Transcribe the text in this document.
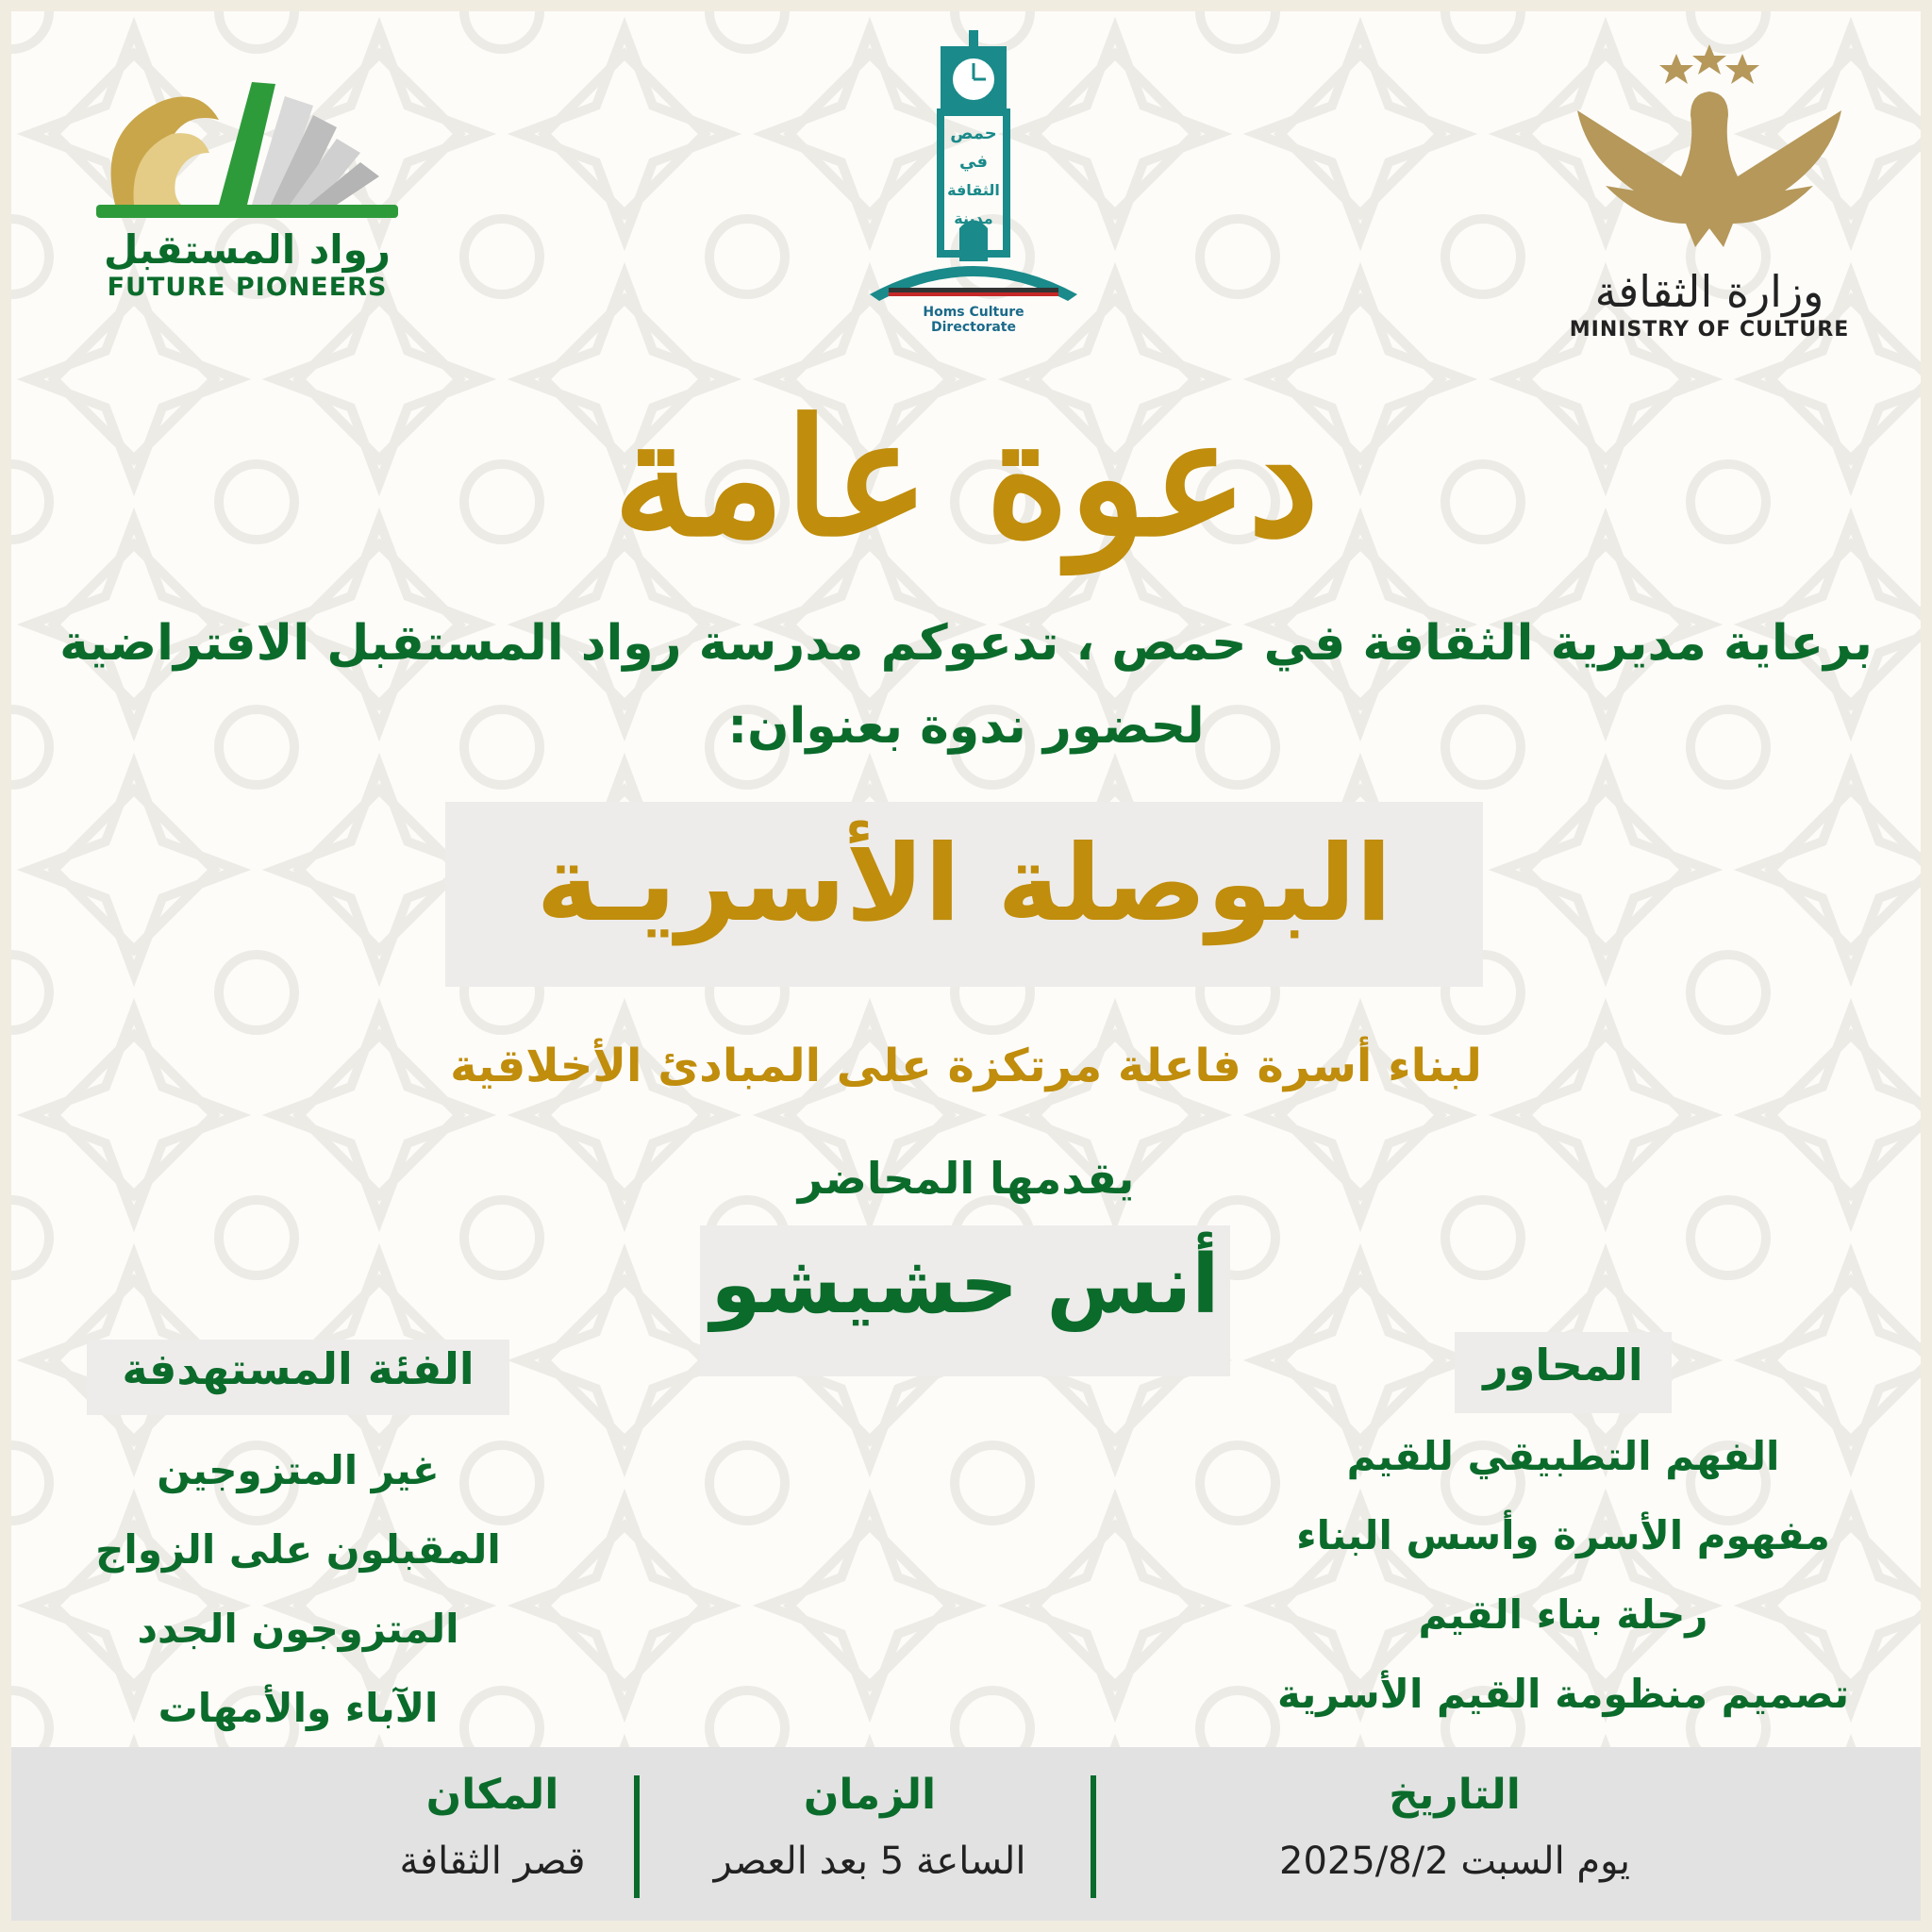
رواد المستقبل
FUTURE PIONEERS
حمص
في
الثقافة
مدينة
Homs Culture Directorate
وزارة الثقافة
MINISTRY OF CULTURE
دعوة عامة
برعاية مديرية الثقافة في حمص ، تدعوكم مدرسة رواد المستقبل الافتراضية
لحضور ندوة بعنوان:
البوصلة الأسريـة
لبناء أسرة فاعلة مرتكزة على المبادئ الأخلاقية
يقدمها المحاضر
أنس حشيشو
الفئة المستهدفة
غير المتزوجين
المقبلون على الزواج
المتزوجون الجدد
الآباء والأمهات
المحاور
الفهم التطبيقي للقيم
مفهوم الأسرة وأسس البناء
رحلة بناء القيم
تصميم منظومة القيم الأسرية
التاريخ
يوم السبت 2025/8/2
الزمان
الساعة 5 بعد العصر
المكان
قصر الثقافة
